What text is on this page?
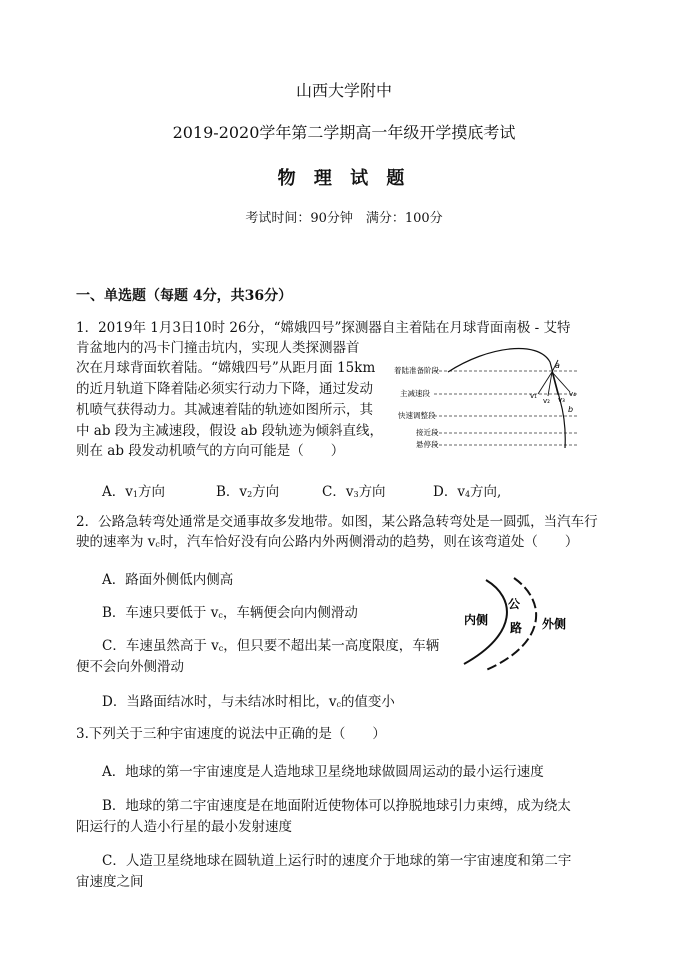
山西大学附中
2019-2020学年第二学期高一年级开学摸底考试
物 理 试 题
考试时间：90分钟　满分：100分
一、单选题（每题 4分，共36分）
1．2019年 1月3日10时 26分，“嫦娥四号”探测器自主着陆在月球背面南极 - 艾特
肯盆地内的冯卡门撞击坑内，实现人类探测器首
次在月球背面软着陆。“嫦娥四号”从距月面 15km
的近月轨道下降着陆必须实行动力下降，通过发动
机喷气获得动力。其减速着陆的轨迹如图所示，其
中 ab 段为主减速段，假设 ab 段轨迹为倾斜直线，
则在 ab 段发动机喷气的方向可能是（　　）
着陆准备阶段
主减速段
快速调整段
接近段
悬停段
a
b
v₁
v₂ v₃
v₄
A．$v_1$方向	B．$v_2$方向	C．$v_3$方向	D．$v_4$方向,
2．公路急转弯处通常是交通事故多发地带。如图，某公路急转弯处是一圆弧，当汽车行
驶的速率为 $v_c$时，汽车恰好没有向公路内外两侧滑动的趋势，则在该弯道处（　　）
A．路面外侧低内侧高
B．车速只要低于 $v_c$，车辆便会向内侧滑动
C．车速虽然高于 $v_c$，但只要不超出某一高度限度，车辆
便不会向外侧滑动
D．当路面结冰时，与未结冰时相比，$v_c$的值变小
内侧
公
路 外侧
3.下列关于三种宇宙速度的说法中正确的是（　　）
A．地球的第一宇宙速度是人造地球卫星绕地球做圆周运动的最小运行速度
B．地球的第二宇宙速度是在地面附近使物体可以挣脱地球引力束缚，成为绕太
阳运行的人造小行星的最小发射速度
C．人造卫星绕地球在圆轨道上运行时的速度介于地球的第一宇宙速度和第二宇
宙速度之间
